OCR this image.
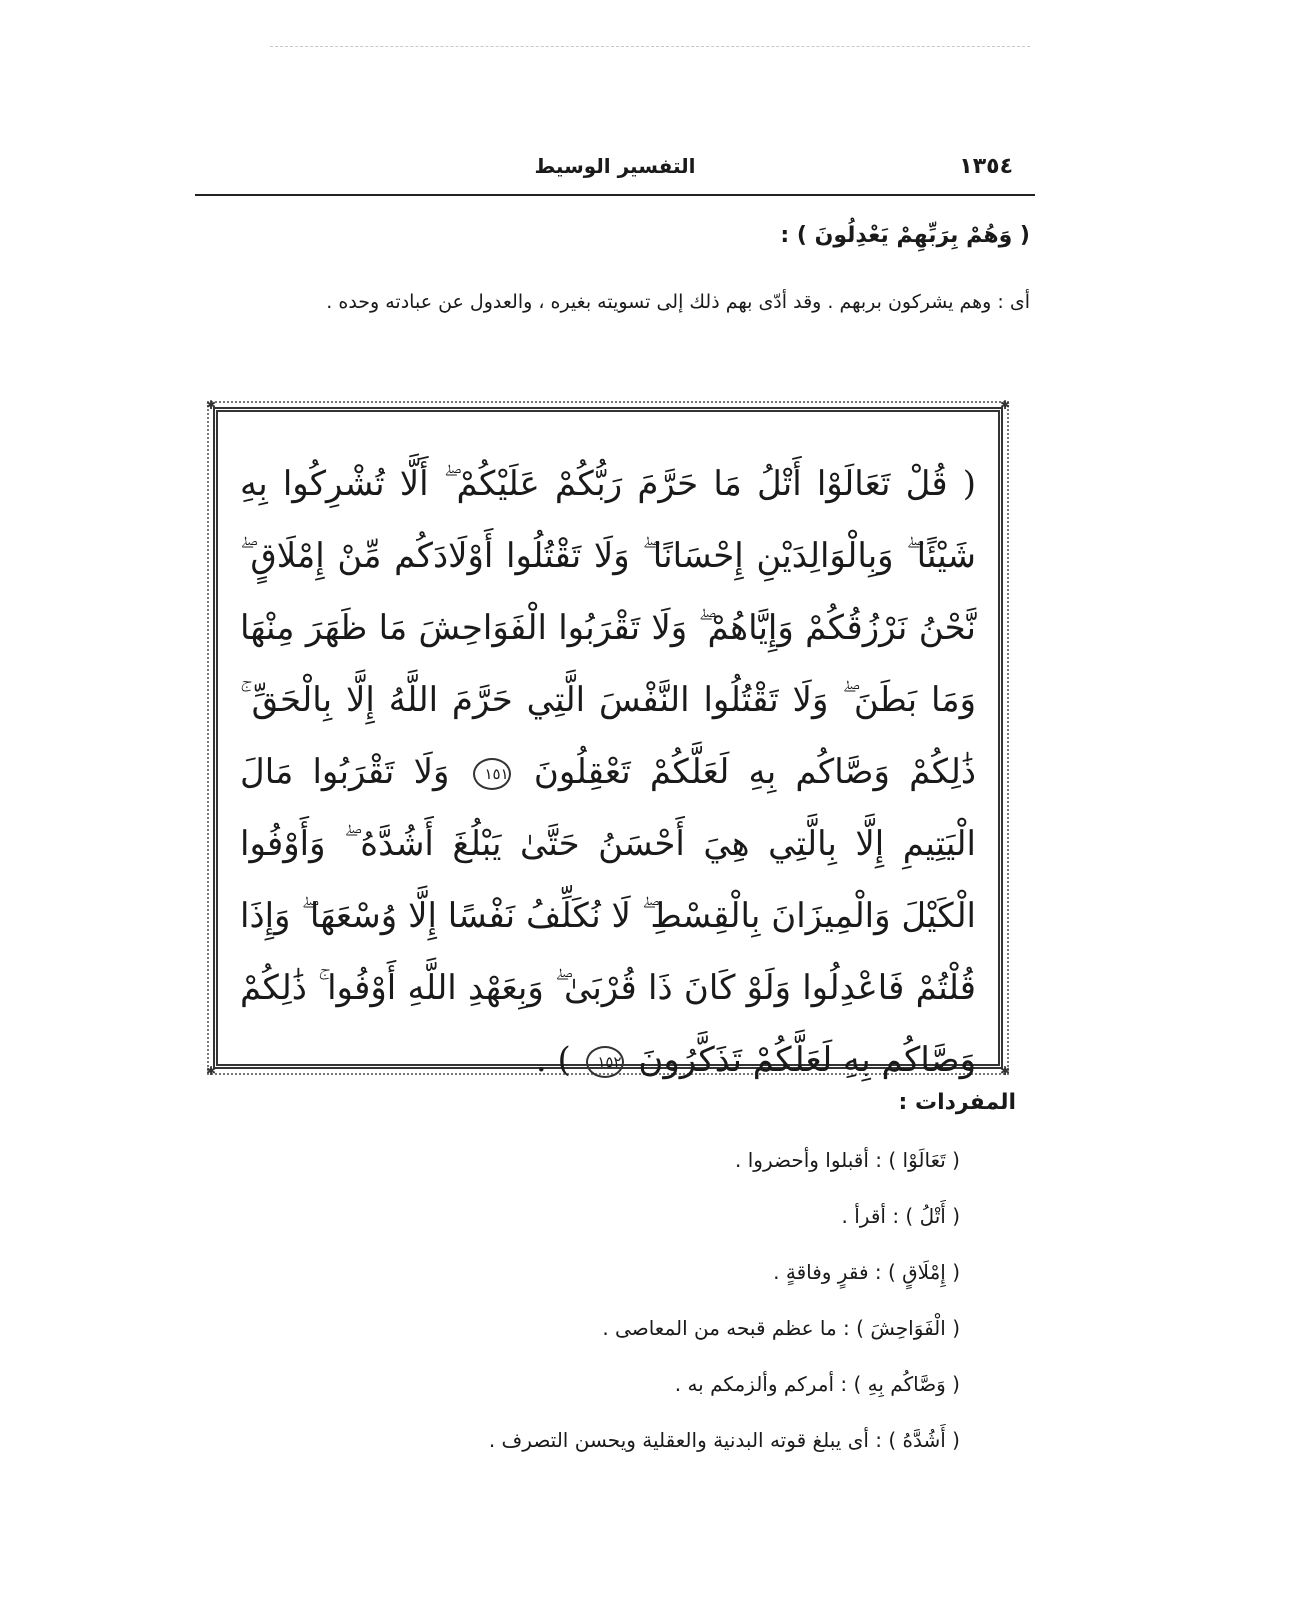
١٣٥٤
التفسير الوسيط
( وَهُمْ بِرَبِّهِمْ يَعْدِلُونَ ) :

أى : وهم يشركون بربهم . وقد أدّى بهم ذلك إلى تسويته بغيره ، والعدول عن عبادته وحده .

✱	✱
✱	✱
( قُلْ تَعَالَوْا أَتْلُ مَا حَرَّمَ رَبُّكُمْ عَلَيْكُمْ ۖ أَلَّا تُشْرِكُوا بِهِ شَيْئًا ۖ وَبِالْوَالِدَيْنِ إِحْسَانًا ۖ وَلَا تَقْتُلُوا أَوْلَادَكُم مِّنْ إِمْلَاقٍ ۖ نَّحْنُ نَرْزُقُكُمْ وَإِيَّاهُمْ ۖ وَلَا تَقْرَبُوا الْفَوَاحِشَ مَا ظَهَرَ مِنْهَا وَمَا بَطَنَ ۖ وَلَا تَقْتُلُوا النَّفْسَ الَّتِي حَرَّمَ اللَّهُ إِلَّا بِالْحَقِّ ۚ ذَٰلِكُمْ وَصَّاكُم بِهِ لَعَلَّكُمْ تَعْقِلُونَ ١٥١ وَلَا تَقْرَبُوا مَالَ الْيَتِيمِ إِلَّا بِالَّتِي هِيَ أَحْسَنُ حَتَّىٰ يَبْلُغَ أَشُدَّهُ ۖ وَأَوْفُوا الْكَيْلَ وَالْمِيزَانَ بِالْقِسْطِ ۖ لَا نُكَلِّفُ نَفْسًا إِلَّا وُسْعَهَا ۖ وَإِذَا قُلْتُمْ فَاعْدِلُوا وَلَوْ كَانَ ذَا قُرْبَىٰ ۖ وَبِعَهْدِ اللَّهِ أَوْفُوا ۚ ذَٰلِكُمْ وَصَّاكُم بِهِ لَعَلَّكُمْ تَذَكَّرُونَ ١٥٢ ) .
المفردات :
( تَعَالَوْا ) : أقبلوا وأحضروا .
( أَتْلُ ) : أقرأ .
( إِمْلَاقٍ ) : فقرٍ وفاقةٍ .
( الْفَوَاحِشَ ) : ما عظم قبحه من المعاصى .
( وَصَّاكُم بِهِ ) : أمركم وألزمكم به .
( أَشُدَّهُ ) : أى يبلغ قوته البدنية والعقلية ويحسن التصرف .
